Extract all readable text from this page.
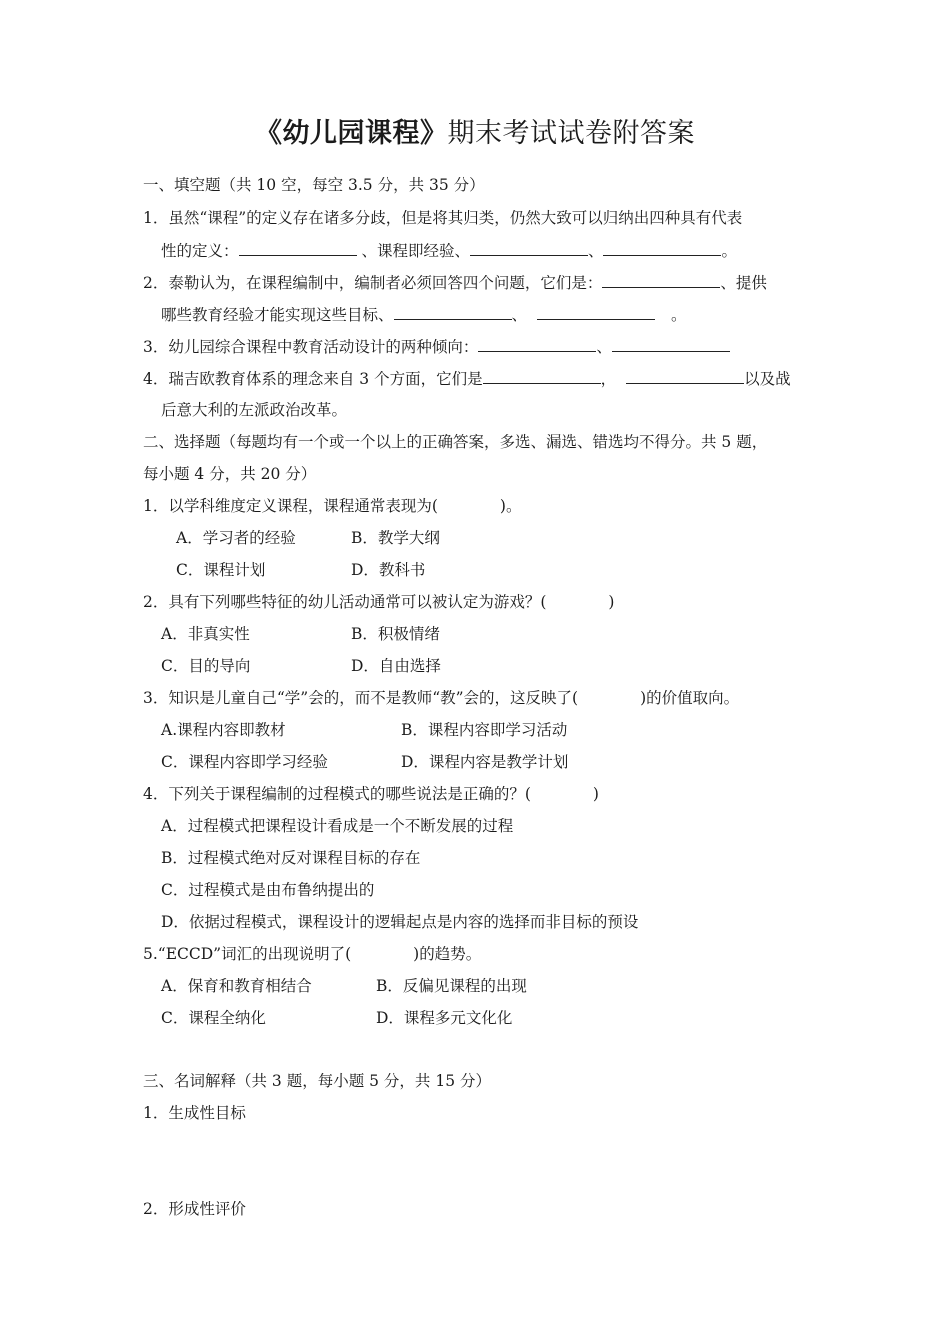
《幼儿园课程》期末考试试卷附答案
一、填空题（共 10 空，每空 3.5 分，共 35 分）
1．虽然“课程”的定义存在诸多分歧，但是将其归类，仍然大致可以归纳出四种具有代表
性的定义：	、课程即经验、	、	。
2．泰勒认为，在课程编制中，编制者必须回答四个问题，它们是：	、提供
哪些教育经验才能实现这些目标、	、	。
3．幼儿园综合课程中教育活动设计的两种倾向：	、
4．瑞吉欧教育体系的理念来自 3 个方面，它们是	，	以及战
后意大利的左派政治改革。
二、选择题（每题均有一个或一个以上的正确答案，多选、漏选、错选均不得分。共 5 题，
每小题 4 分，共 20 分）
1．以学科维度定义课程，课程通常表现为(　　　　)。
A．学习者的经验	B．教学大纲
C．课程计划	D．教科书
2．具有下列哪些特征的幼儿活动通常可以被认定为游戏？(　　　　)
A．非真实性	B．积极情绪
C．目的导向	D．自由选择
3．知识是儿童自己“学”会的，而不是教师“教”会的，这反映了(　　　　)的价值取向。
A.课程内容即教材	B．课程内容即学习活动
C．课程内容即学习经验	D．课程内容是教学计划
4．下列关于课程编制的过程模式的哪些说法是正确的？(　　　　)
A．过程模式把课程设计看成是一个不断发展的过程
B．过程模式绝对反对课程目标的存在
C．过程模式是由布鲁纳提出的
D．依据过程模式，课程设计的逻辑起点是内容的选择而非目标的预设
5.“ECCD”词汇的出现说明了(　　　　)的趋势。
A．保育和教育相结合	B．反偏见课程的出现
C．课程全纳化	D．课程多元文化化
三、名词解释（共 3 题，每小题 5 分，共 15 分）
1．生成性目标
2．形成性评价
